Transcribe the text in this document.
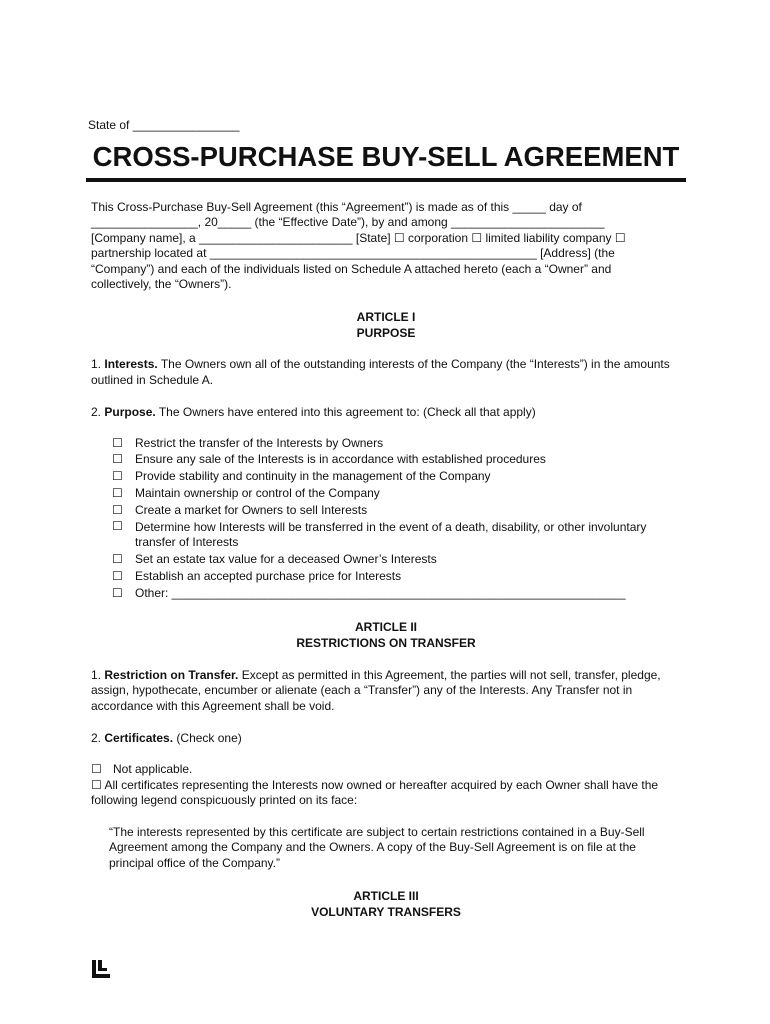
State of ________________
CROSS-PURCHASE BUY-SELL AGREEMENT
This Cross-Purchase Buy-Sell Agreement (this “Agreement”) is made as of this _____ day of
________________, 20_____ (the “Effective Date”), by and among _______________________
[Company name], a _______________________ [State] ☐ corporation ☐ limited liability company ☐
partnership located at _________________________________________________ [Address] (the
“Company”) and each of the individuals listed on Schedule A attached hereto (each a “Owner” and
collectively, the “Owners”).
ARTICLE I
PURPOSE

1. Interests. The Owners own all of the outstanding interests of the Company (the “Interests”) in the amounts outlined in Schedule A.

2. Purpose. The Owners have entered into this agreement to: (Check all that apply)

☐ Restrict the transfer of the Interests by Owners
☐ Ensure any sale of the Interests is in accordance with established procedures
☐ Provide stability and continuity in the management of the Company
☐ Maintain ownership or control of the Company
☐ Create a market for Owners to sell Interests
☐ Determine how Interests will be transferred in the event of a death, disability, or other involuntary transfer of Interests
☐ Set an estate tax value for a deceased Owner’s Interests
☐ Establish an accepted purchase price for Interests
☐ Other: ____________________________________________________________________
ARTICLE II
RESTRICTIONS ON TRANSFER

1. Restriction on Transfer. Except as permitted in this Agreement, the parties will not sell, transfer, pledge, assign, hypothecate, encumber or alienate (each a “Transfer”) any of the Interests. Any Transfer not in accordance with this Agreement shall be void.

2. Certificates. (Check one)

☐ Not applicable.
☐ All certificates representing the Interests now owned or hereafter acquired by each Owner shall have the following legend conspicuously printed on its face:

“The interests represented by this certificate are subject to certain restrictions contained in a Buy-Sell Agreement among the Company and the Owners. A copy of the Buy-Sell Agreement is on file at the principal office of the Company.”

ARTICLE III
VOLUNTARY TRANSFERS
